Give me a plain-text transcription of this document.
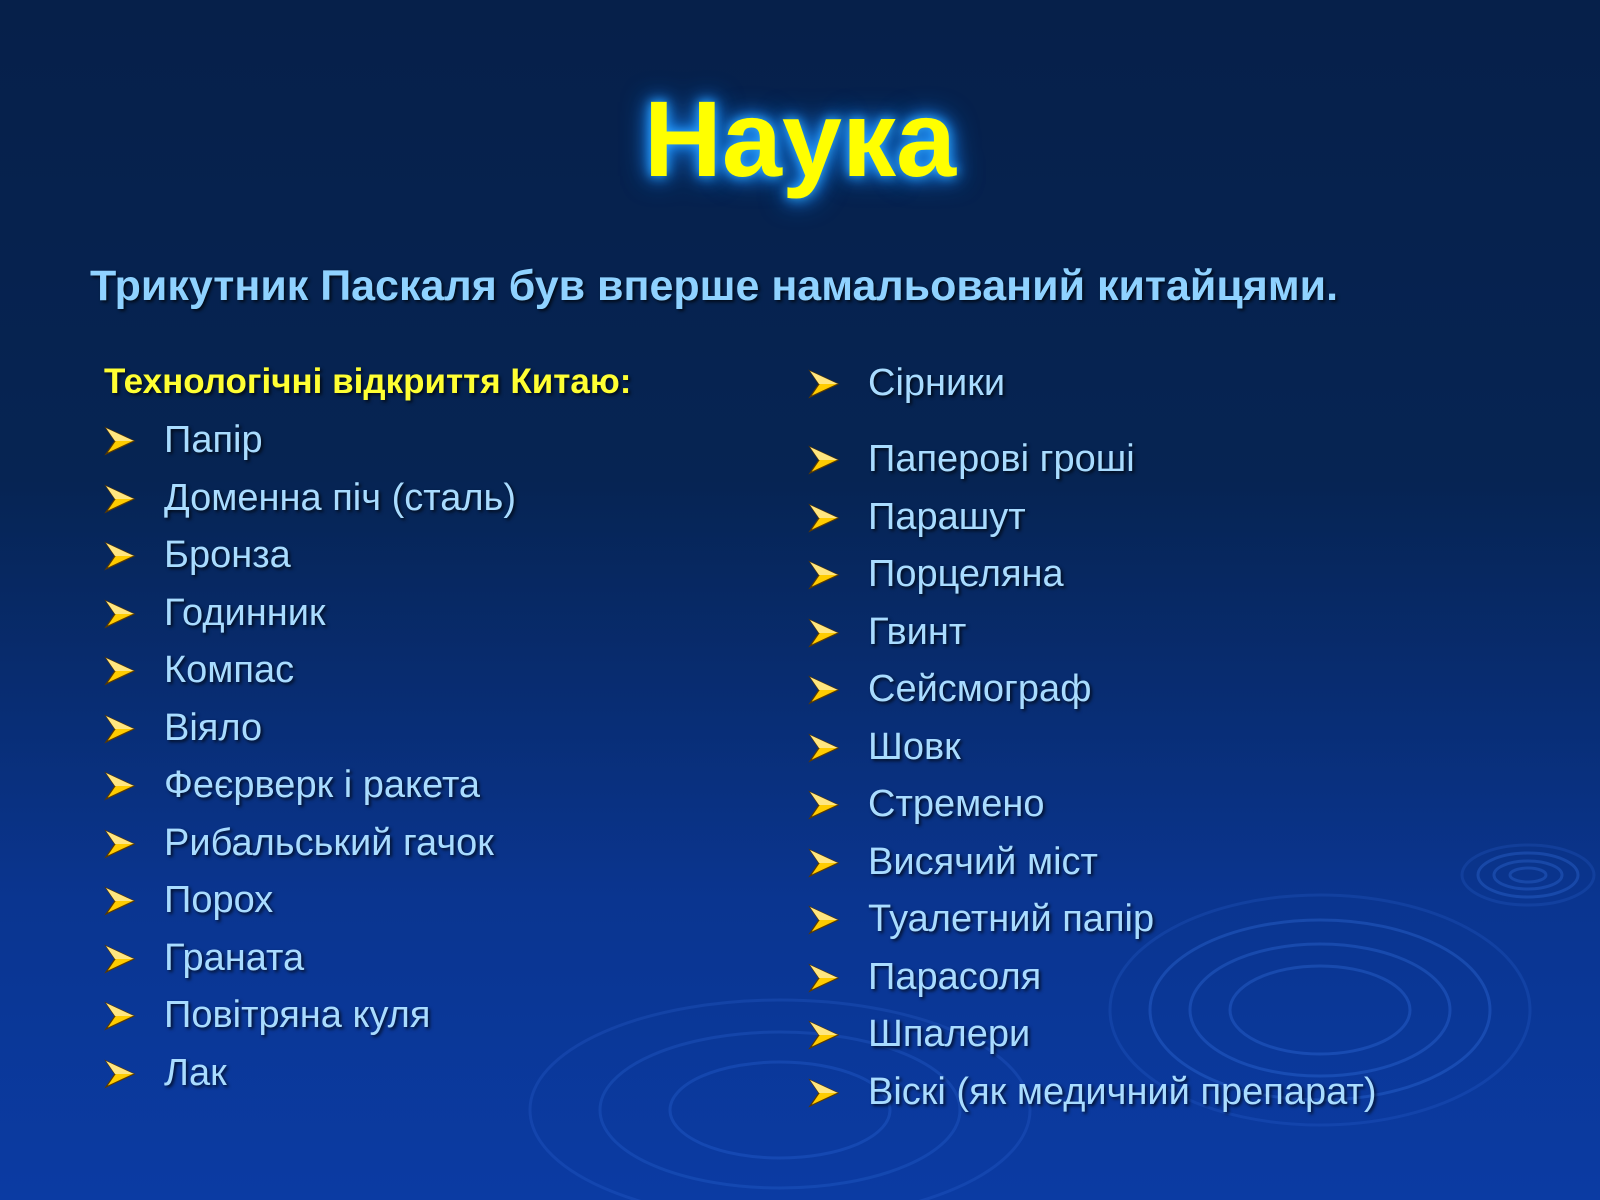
Наука
Трикутник Паскаля був вперше намальований китайцями.
Технологічні відкриття Китаю:
Папір
Доменна піч (сталь)
Бронза
Годинник
Компас
Віяло
Феєрверк і ракета
Рибальський гачок
Порох
Граната
Повітряна куля
Лак
Сірники
Паперові гроші
Парашут
Порцеляна
Гвинт
Сейсмограф
Шовк
Стремено
Висячий міст
Туалетний папір
Парасоля
Шпалери
Віскі (як медичний препарат)
